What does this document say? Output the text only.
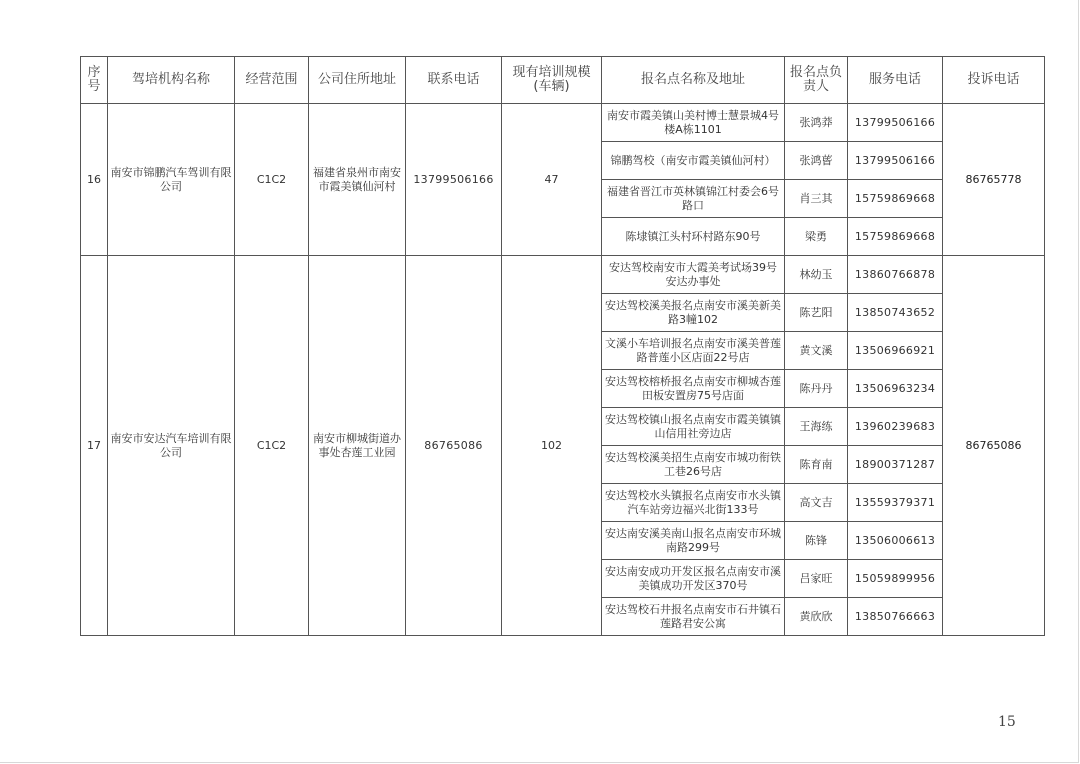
序号	驾培机构名称	经营范围	公司住所地址	联系电话	现有培训规模(车辆)	报名点名称及地址	报名点负责人	服务电话	投诉电话
16	南安市锦鹏汽车驾训有限公司	C1C2	福建省泉州市南安市霞美镇仙河村	13799506166	47	南安市霞美镇山美村博士慧景城4号楼A栋1101	张鸿莽	13799506166	86765778
						锦鹏驾校（南安市霞美镇仙河村）	张鸿蒈	13799506166	
						福建省晋江市英林镇锦江村委会6号路口	肖三其	15759869668	
						陈埭镇江头村环村路东90号	梁勇	15759869668	
17	南安市安达汽车培训有限公司	C1C2	南安市柳城街道办事处杏莲工业园	86765086	102	安达驾校南安市大霞美考试场39号安达办事处	林幼玉	13860766878	86765086
						安达驾校溪美报名点南安市溪美新美路3幢102	陈艺阳	13850743652	
						文溪小车培训报名点南安市溪美普莲路普莲小区店面22号店	黄文溪	13506966921	
						安达驾校榕桥报名点南安市柳城杏莲田板安置房75号店面	陈丹丹	13506963234	
						安达驾校镇山报名点南安市霞美镇镇山信用社旁边店	王海练	13960239683	
						安达驾校溪美招生点南安市城功衔铁工巷26号店	陈育南	18900371287	
						安达驾校水头镇报名点南安市水头镇汽车站旁边福兴北街133号	高文吉	13559379371	
						安达南安溪美南山报名点南安市环城南路299号	陈锋	13506006613	
						安达南安成功开发区报名点南安市溪美镇成功开发区370号	吕家旺	15059899956	
						安达驾校石井报名点南安市石井镇石莲路君安公寓	黄欣欣	13850766663	
15
